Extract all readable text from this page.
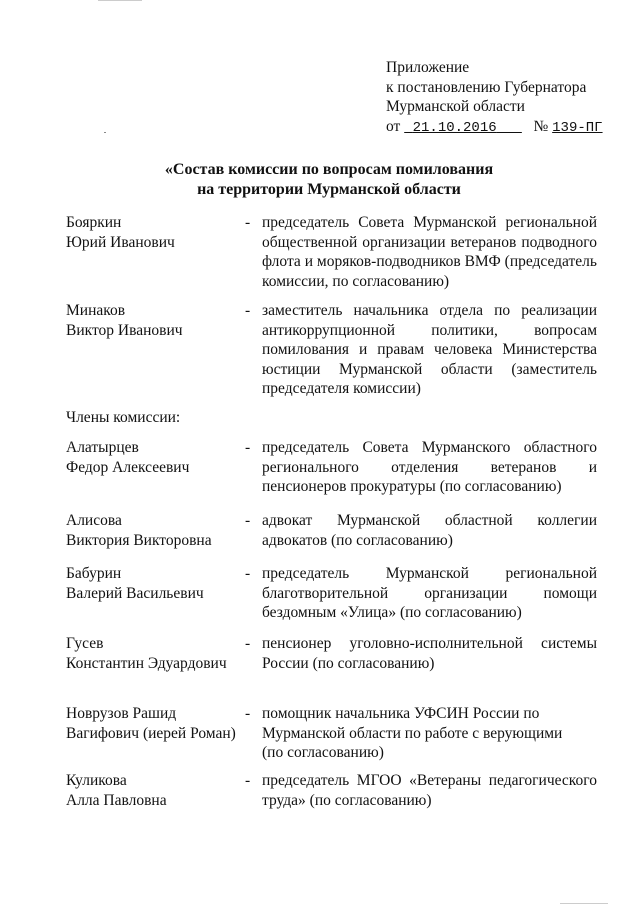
Приложение
к постановлению Губернатора
Мурманской области
от 21.10.2016 № 139-ПГ
«Состав комиссии по вопросам помилования
на территории Мурманской области
Бояркин
Юрий Иванович
- председатель Совета Мурманской региональной общественной организации ветеранов подводного флота и моряков-подводников ВМФ (председатель комиссии, по согласованию)
Минаков
Виктор Иванович
- заместитель начальника отдела по реализации антикоррупционной политики, вопросам помилования и правам человека Министерства юстиции Мурманской области (заместитель председателя комиссии)
Члены комиссии:
Алатырцев
Федор Алексеевич
- председатель Совета Мурманского областного регионального отделения ветеранов и пенсионеров прокуратуры (по согласованию)
Алисова
Виктория Викторовна
- адвокат Мурманской областной коллегии адвокатов (по согласованию)
Бабурин
Валерий Васильевич
- председатель Мурманской региональной благотворительной организации помощи бездомным «Улица» (по согласованию)
Гусев
Константин Эдуардович
- пенсионер уголовно-исполнительной системы России (по согласованию)
Новрузов Рашид
Вагифович (иерей Роман)
- помощник начальника УФСИН России по Мурманской области по работе с верующими (по согласованию)
Куликова
Алла Павловна
- председатель МГОО «Ветераны педагогического труда» (по согласованию)
